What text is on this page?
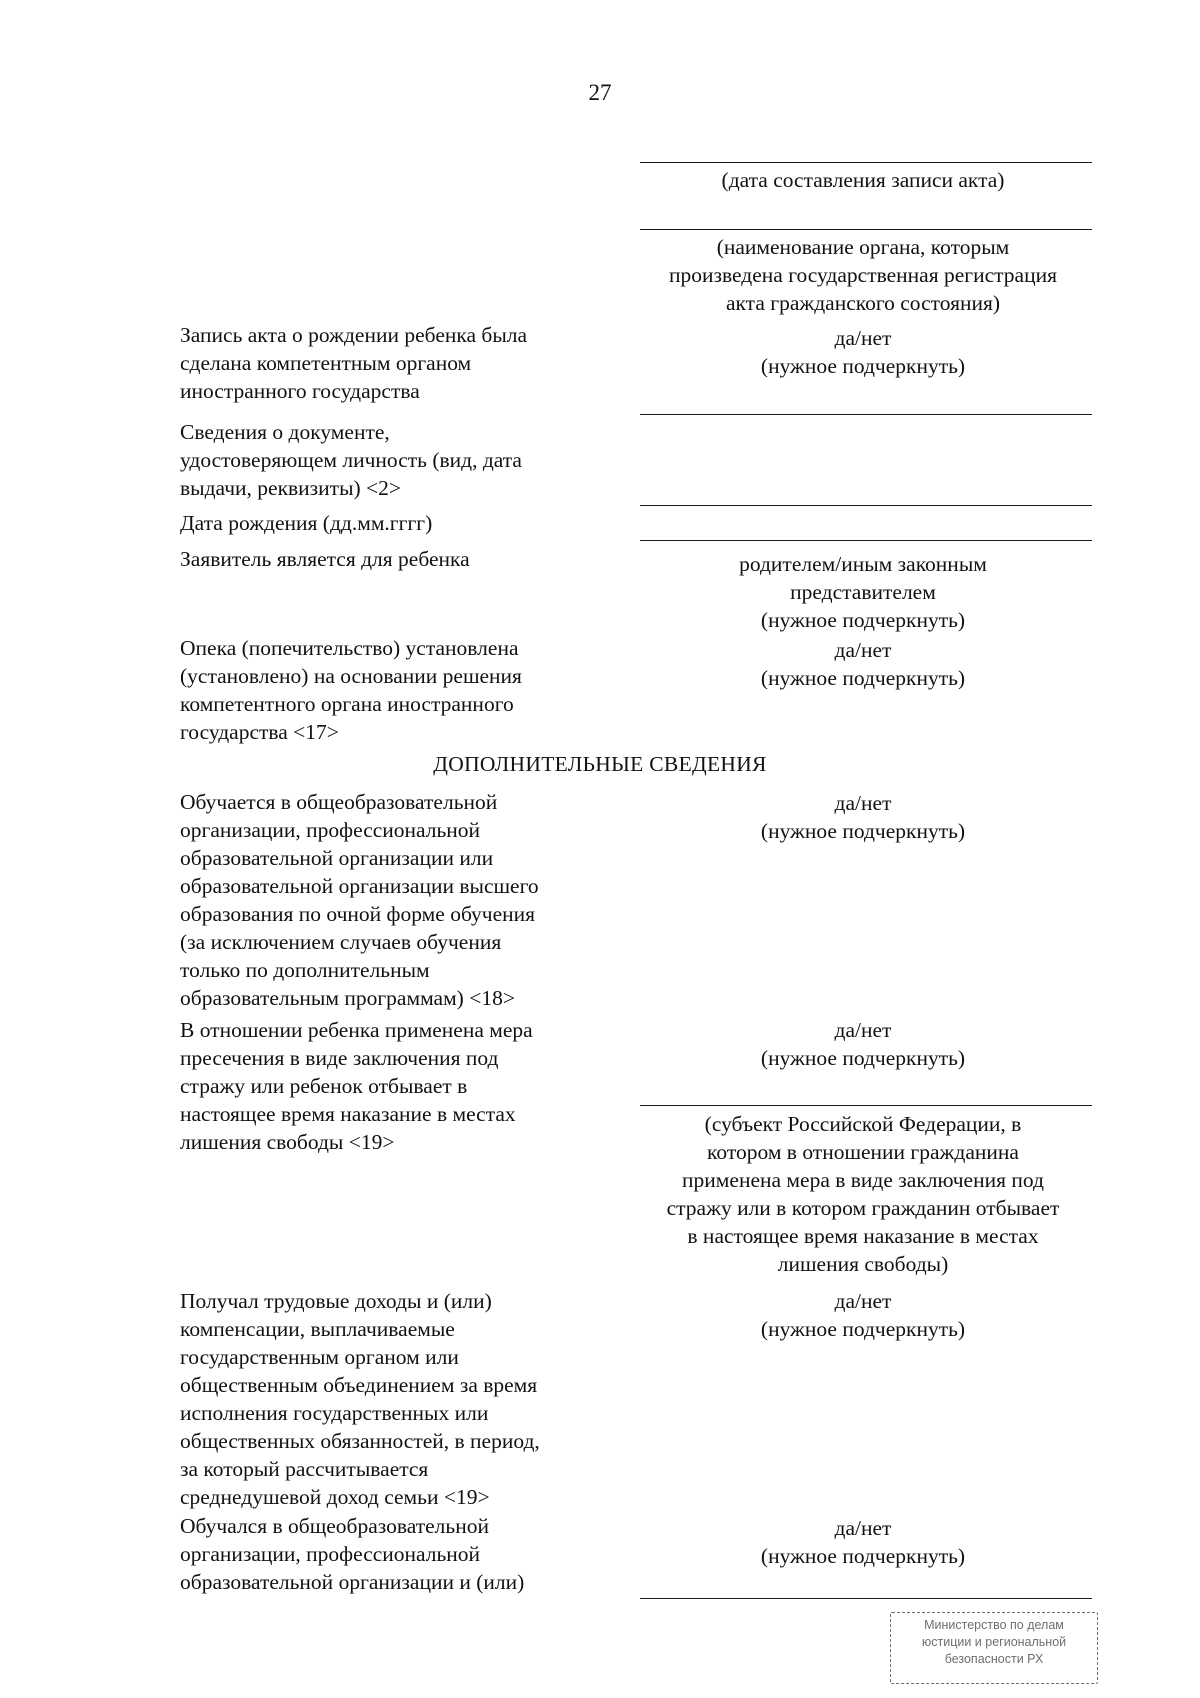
27
(дата составления записи акта)
(наименование органа, которым
произведена государственная регистрация
акта гражданского состояния)
Запись акта о рождении ребенка была
сделана компетентным органом
иностранного государства
да/нет
(нужное подчеркнуть)
Сведения о документе,
удостоверяющем личность (вид, дата
выдачи, реквизиты) <2>
Дата рождения (дд.мм.гггг)
Заявитель является для ребенка	родителем/иным законным
представителем
(нужное подчеркнуть)
Опека (попечительство) установлена
(установлено) на основании решения
компетентного органа иностранного
государства <17>
да/нет
(нужное подчеркнуть)
ДОПОЛНИТЕЛЬНЫЕ СВЕДЕНИЯ
Обучается в общеобразовательной
организации, профессиональной
образовательной организации или
образовательной организации высшего
образования по очной форме обучения
(за исключением случаев обучения
только по дополнительным
образовательным программам) <18>
да/нет
(нужное подчеркнуть)
В отношении ребенка применена мера
пресечения в виде заключения под
стражу или ребенок отбывает в
настоящее время наказание в местах
лишения свободы <19>
да/нет
(нужное подчеркнуть)
(субъект Российской Федерации, в
котором в отношении гражданина
применена мера в виде заключения под
стражу или в котором гражданин отбывает
в настоящее время наказание в местах
лишения свободы)
Получал трудовые доходы и (или)
компенсации, выплачиваемые
государственным органом или
общественным объединением за время
исполнения государственных или
общественных обязанностей, в период,
за который рассчитывается
среднедушевой доход семьи <19>
да/нет
(нужное подчеркнуть)
Обучался в общеобразовательной
организации, профессиональной
образовательной организации и (или)
да/нет
(нужное подчеркнуть)
Министерство по делам
юстиции и региональной
безопасности РХ
